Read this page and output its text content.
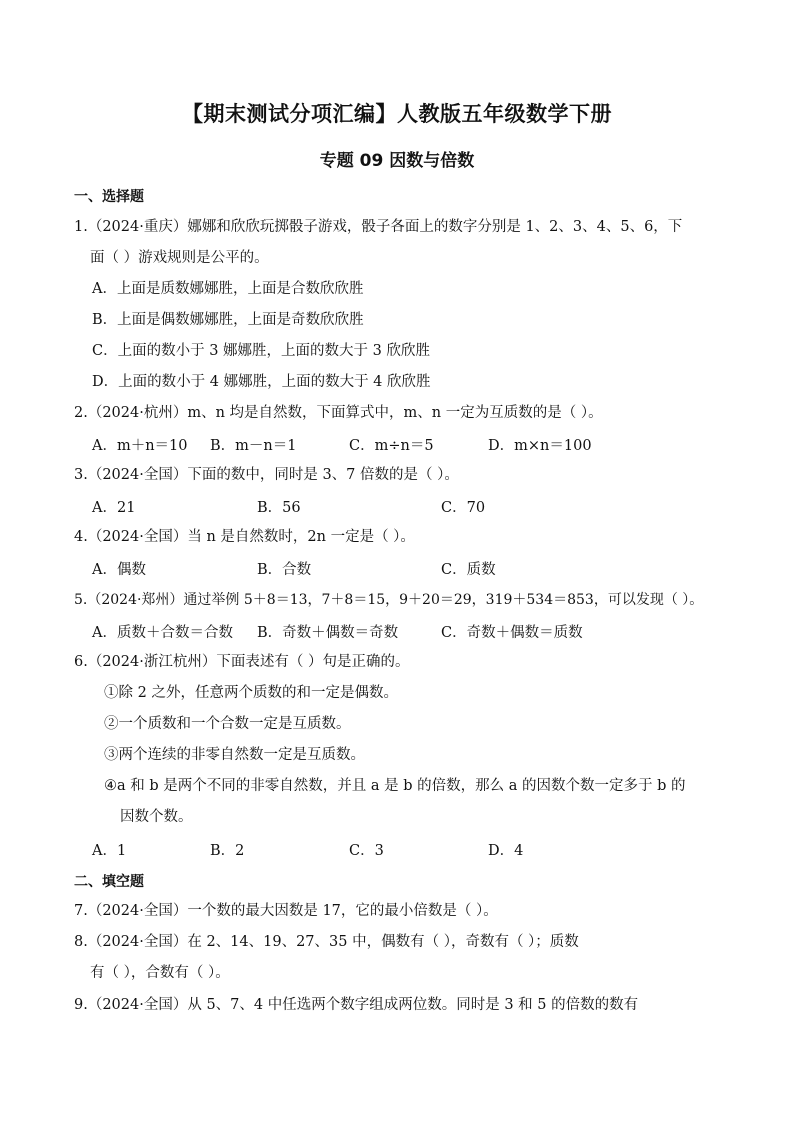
【期末测试分项汇编】人教版五年级数学下册
专题 09 因数与倍数
一、选择题
1.（2024·重庆）娜娜和欣欣玩掷骰子游戏，骰子各面上的数字分别是 1、2、3、4、5、6，下
面（ ）游戏规则是公平的。
A．上面是质数娜娜胜，上面是合数欣欣胜
B．上面是偶数娜娜胜，上面是奇数欣欣胜
C．上面的数小于 3 娜娜胜，上面的数大于 3 欣欣胜
D．上面的数小于 4 娜娜胜，上面的数大于 4 欣欣胜
2.（2024·杭州）m、n 均是自然数，下面算式中，m、n 一定为互质数的是（ ）。
A．m＋n＝10 B．m－n＝1	C．m÷n＝5	D．m×n＝100
3.（2024·全国）下面的数中，同时是 3、7 倍数的是（ ）。
A．21	B．56	C．70
4.（2024·全国）当 n 是自然数时，2n 一定是（ ）。
A．偶数	B．合数	C．质数
5.（2024·郑州）通过举例 5＋8＝13，7＋8＝15，9＋20＝29，319＋534＝853，可以发现（ ）。
A．质数＋合数＝合数 B．奇数＋偶数＝奇数	C．奇数＋偶数＝质数
6.（2024·浙江杭州）下面表述有（ ）句是正确的。
①除 2 之外，任意两个质数的和一定是偶数。
②一个质数和一个合数一定是互质数。
③两个连续的非零自然数一定是互质数。
④a 和 b 是两个不同的非零自然数，并且 a 是 b 的倍数，那么 a 的因数个数一定多于 b 的
因数个数。
A．1	B．2	C．3	D．4
二、填空题
7.（2024·全国）一个数的最大因数是 17，它的最小倍数是（ ）。
8.（2024·全国）在 2、14、19、27、35 中，偶数有（ ），奇数有（ ）；质数
有（ ），合数有（ ）。
9.（2024·全国）从 5、7、4 中任选两个数字组成两位数。同时是 3 和 5 的倍数的数有
